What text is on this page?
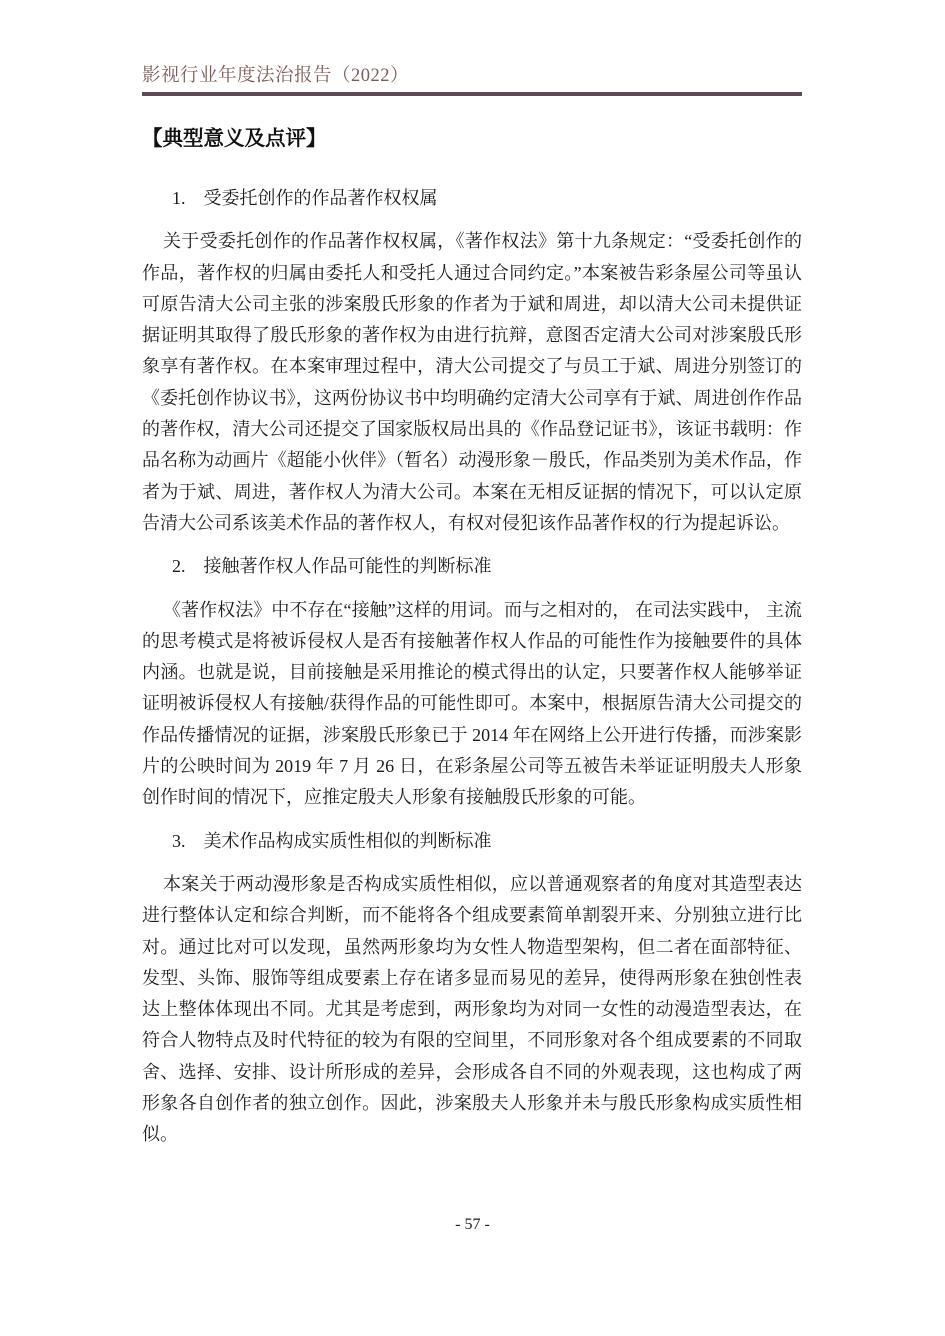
影视行业年度法治报告（2022）
【典型意义及点评】
1.　受委托创作的作品著作权权属

关于受委托创作的作品著作权权属，《著作权法》第十九条规定：“受委托创作的作品，著作权的归属由委托人和受托人通过合同约定。”本案被告彩条屋公司等虽认可原告清大公司主张的涉案殷氏形象的作者为于斌和周进，却以清大公司未提供证据证明其取得了殷氏形象的著作权为由进行抗辩，意图否定清大公司对涉案殷氏形象享有著作权。在本案审理过程中，清大公司提交了与员工于斌、周进分别签订的《委托创作协议书》，这两份协议书中均明确约定清大公司享有于斌、周进创作作品的著作权，清大公司还提交了国家版权局出具的《作品登记证书》，该证书载明：作品名称为动画片《超能小伙伴》（暂名）动漫形象－殷氏，作品类别为美术作品，作者为于斌、周进，著作权人为清大公司。本案在无相反证据的情况下，可以认定原告清大公司系该美术作品的著作权人，有权对侵犯该作品著作权的行为提起诉讼。

2.　接触著作权人作品可能性的判断标准

《著作权法》中不存在“接触”这样的用词。而与之相对的， 在司法实践中， 主流的思考模式是将被诉侵权人是否有接触著作权人作品的可能性作为接触要件的具体内涵。也就是说，目前接触是采用推论的模式得出的认定，只要著作权人能够举证证明被诉侵权人有接触/获得作品的可能性即可。本案中，根据原告清大公司提交的作品传播情况的证据，涉案殷氏形象已于 2014 年在网络上公开进行传播，而涉案影片的公映时间为 2019 年 7 月 26 日，在彩条屋公司等五被告未举证证明殷夫人形象创作时间的情况下，应推定殷夫人形象有接触殷氏形象的可能。

3.　美术作品构成实质性相似的判断标准

本案关于两动漫形象是否构成实质性相似，应以普通观察者的角度对其造型表达进行整体认定和综合判断，而不能将各个组成要素简单割裂开来、分别独立进行比对。通过比对可以发现，虽然两形象均为女性人物造型架构，但二者在面部特征、发型、头饰、服饰等组成要素上存在诸多显而易见的差异，使得两形象在独创性表达上整体体现出不同。尤其是考虑到，两形象均为对同一女性的动漫造型表达，在符合人物特点及时代特征的较为有限的空间里，不同形象对各个组成要素的不同取舍、选择、安排、设计所形成的差异，会形成各自不同的外观表现，这也构成了两形象各自创作者的独立创作。因此，涉案殷夫人形象并未与殷氏形象构成实质性相似。

- 57 -
